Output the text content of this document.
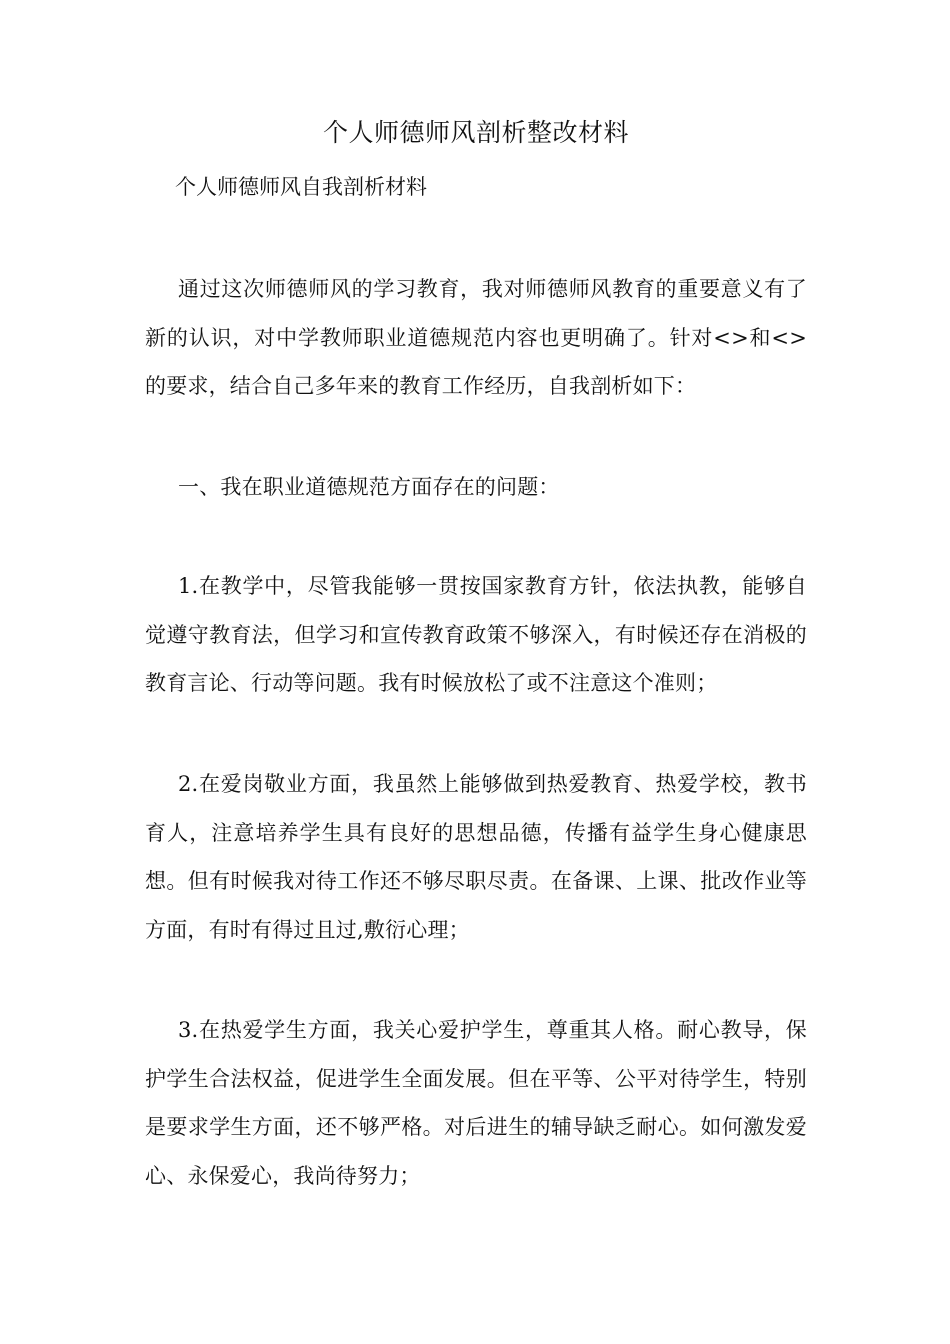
个人师德师风剖析整改材料

个人师德师风自我剖析材料

通过这次师德师风的学习教育，我对师德师风教育的重要意义有了新的认识，对中学教师职业道德规范内容也更明确了。针对<>和<>的要求，结合自己多年来的教育工作经历，自我剖析如下：

一、我在职业道德规范方面存在的问题：

1.在教学中，尽管我能够一贯按国家教育方针，依法执教，能够自觉遵守教育法，但学习和宣传教育政策不够深入，有时候还存在消极的教育言论、行动等问题。我有时候放松了或不注意这个准则；

2.在爱岗敬业方面，我虽然上能够做到热爱教育、热爱学校，教书育人，注意培养学生具有良好的思想品德，传播有益学生身心健康思想。但有时候我对待工作还不够尽职尽责。在备课、上课、批改作业等方面，有时有得过且过,敷衍心理；

3.在热爱学生方面，我关心爱护学生，尊重其人格。耐心教导，保护学生合法权益，促进学生全面发展。但在平等、公平对待学生，特别是要求学生方面，还不够严格。对后进生的辅导缺乏耐心。如何激发爱心、永保爱心，我尚待努力；
